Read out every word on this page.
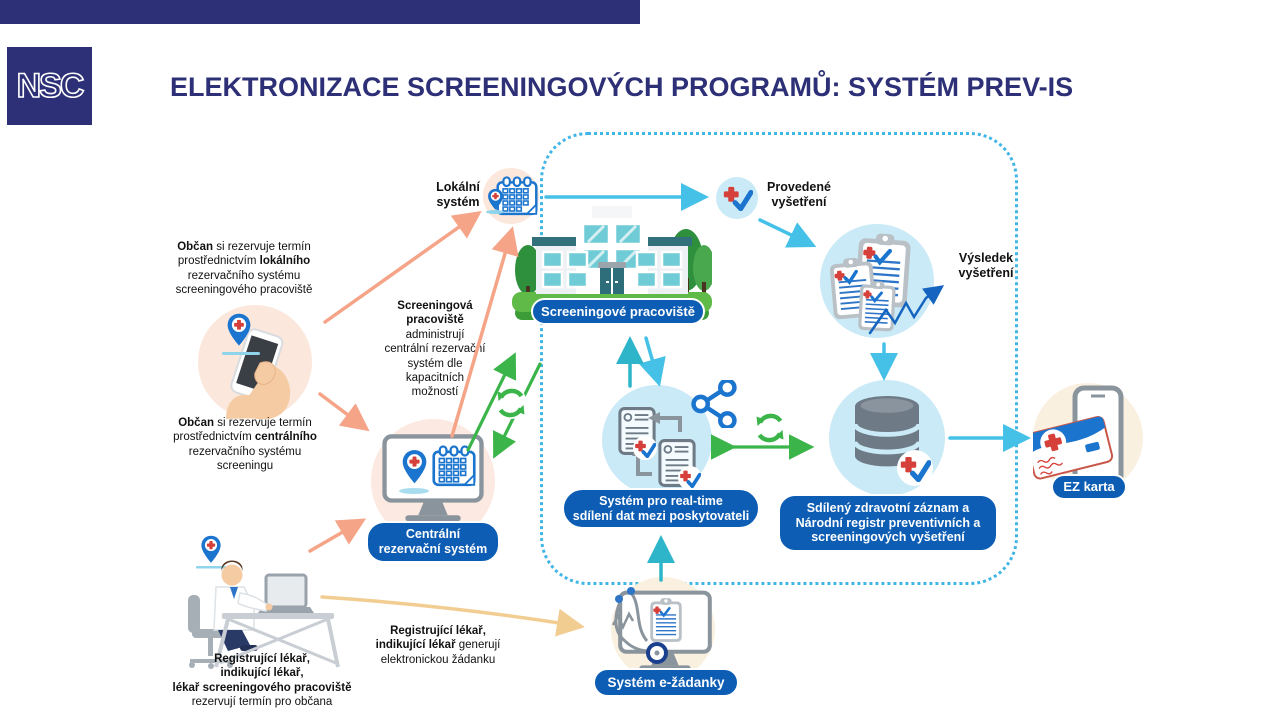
NSC	ELEKTRONIZACE SCREENINGOVÝCH PROGRAMŮ: SYSTÉM PREV-IS
Lokální
systém
Screeningové pracoviště
Provedené
vyšetření
Výsledek
vyšetření
Systém pro real-time
sdílení dat mezi poskytovateli
Sdílený zdravotní záznam a
Národní registr preventivních a
screeningových vyšetření
EZ karta
Centrální
rezervační systém
Systém e-žádanky
Občan si rezervuje termín
prostřednictvím lokálního
rezervačního systému
screeningového pracoviště
Screeningová
pracoviště
administrují
centrální rezervační
systém dle
kapacitních
možností
Občan si rezervuje termín
prostřednictvím centrálního
rezervačního systému
screeningu
Registrující lékař,
indikující lékař,
lékař screeningového pracoviště
rezervují termín pro občana
Registrující lékař,
indikující lékař generují
elektronickou žádanku
